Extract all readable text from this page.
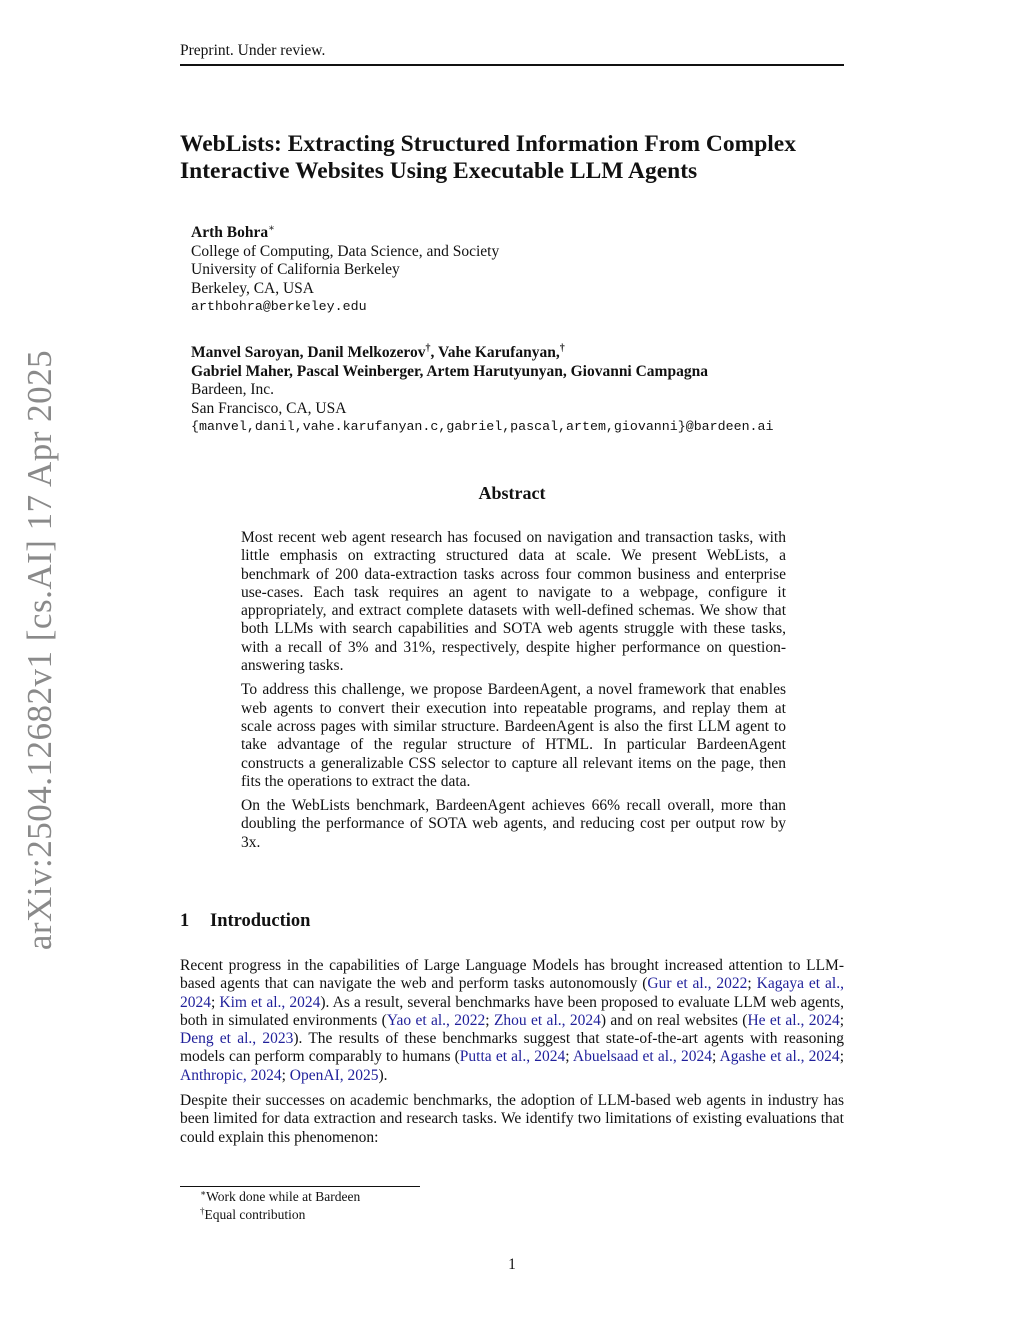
arXiv:2504.12682v1 [cs.AI] 17 Apr 2025
Preprint. Under review.
WebLists: Extracting Structured Information From Complex
Interactive Websites Using Executable LLM Agents
Arth Bohra∗
College of Computing, Data Science, and Society
University of California Berkeley
Berkeley, CA, USA
arthbohra@berkeley.edu
Manvel Saroyan, Danil Melkozerov†, Vahe Karufanyan,†
Gabriel Maher, Pascal Weinberger, Artem Harutyunyan, Giovanni Campagna
Bardeen, Inc.
San Francisco, CA, USA
{manvel,danil,vahe.karufanyan.c,gabriel,pascal,artem,giovanni}@bardeen.ai
Abstract

Most recent web agent research has focused on navigation and transaction tasks, with little emphasis on extracting structured data at scale. We present WebLists, a benchmark of 200 data-extraction tasks across four common business and enterprise use-cases. Each task requires an agent to navigate to a webpage, configure it appropriately, and extract complete datasets with well-defined schemas. We show that both LLMs with search capabilities and SOTA web agents struggle with these tasks, with a recall of 3% and 31%, respectively, despite higher performance on question-answering tasks.

To address this challenge, we propose BardeenAgent, a novel framework that enables web agents to convert their execution into repeatable programs, and replay them at scale across pages with similar structure. BardeenAgent is also the first LLM agent to take advantage of the regular structure of HTML. In particular BardeenAgent constructs a generalizable CSS selector to capture all relevant items on the page, then fits the operations to extract the data.

On the WebLists benchmark, BardeenAgent achieves 66% recall overall, more than doubling the performance of SOTA web agents, and reducing cost per output row by 3x.

1 Introduction

Recent progress in the capabilities of Large Language Models has brought increased attention to LLM-based agents that can navigate the web and perform tasks autonomously (Gur et al., 2022; Kagaya et al., 2024; Kim et al., 2024). As a result, several benchmarks have been proposed to evaluate LLM web agents, both in simulated environments (Yao et al., 2022; Zhou et al., 2024) and on real websites (He et al., 2024; Deng et al., 2023). The results of these benchmarks suggest that state-of-the-art agents with reasoning models can perform comparably to humans (Putta et al., 2024; Abuelsaad et al., 2024; Agashe et al., 2024; Anthropic, 2024; OpenAI, 2025).

Despite their successes on academic benchmarks, the adoption of LLM-based web agents in industry has been limited for data extraction and research tasks. We identify two limitations of existing evaluations that could explain this phenomenon:

∗Work done while at Bardeen
†Equal contribution
1
